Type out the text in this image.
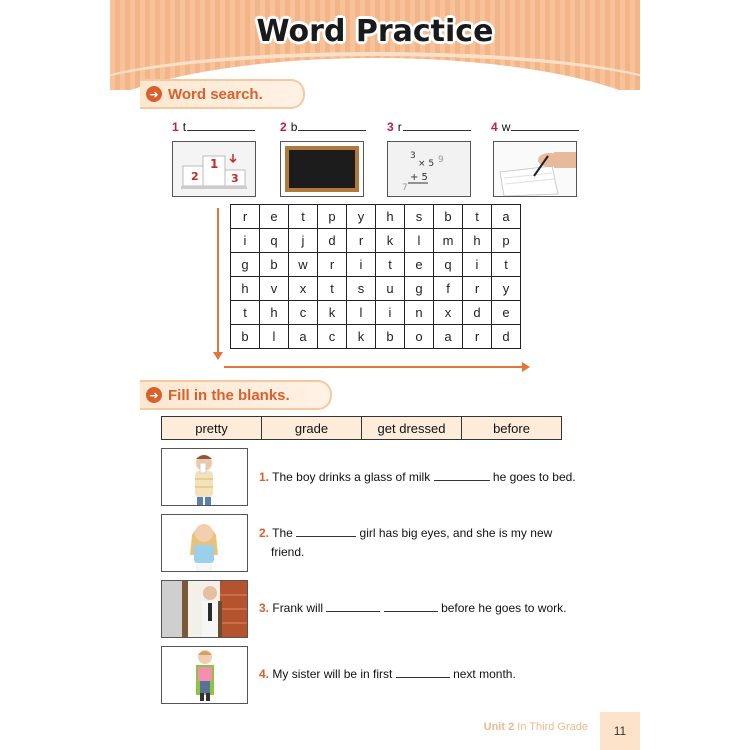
Word Practice
➜ Word search.
1 t	2 b	3 r	4 w
2
1
3
3
× 5
+ 5
9
7
r	e	t	p	y	h	s	b	t	a
i	q	j	d	r	k	l	m	h	p
g	b	w	r	i	t	e	q	i	t
h	v	x	t	s	u	g	f	r	y
t	h	c	k	l	i	n	x	d	e
b	l	a	c	k	b	o	a	r	d
➜ Fill in the blanks.
pretty	grade	get dressed	before
1. The boy drinks a glass of milk	he goes to bed.
2. The	girl has big eyes, and she is my new
friend.
3. Frank will	before he goes to work.
4. My sister will be in first	next month.
Unit 2 In Third Grade	11
